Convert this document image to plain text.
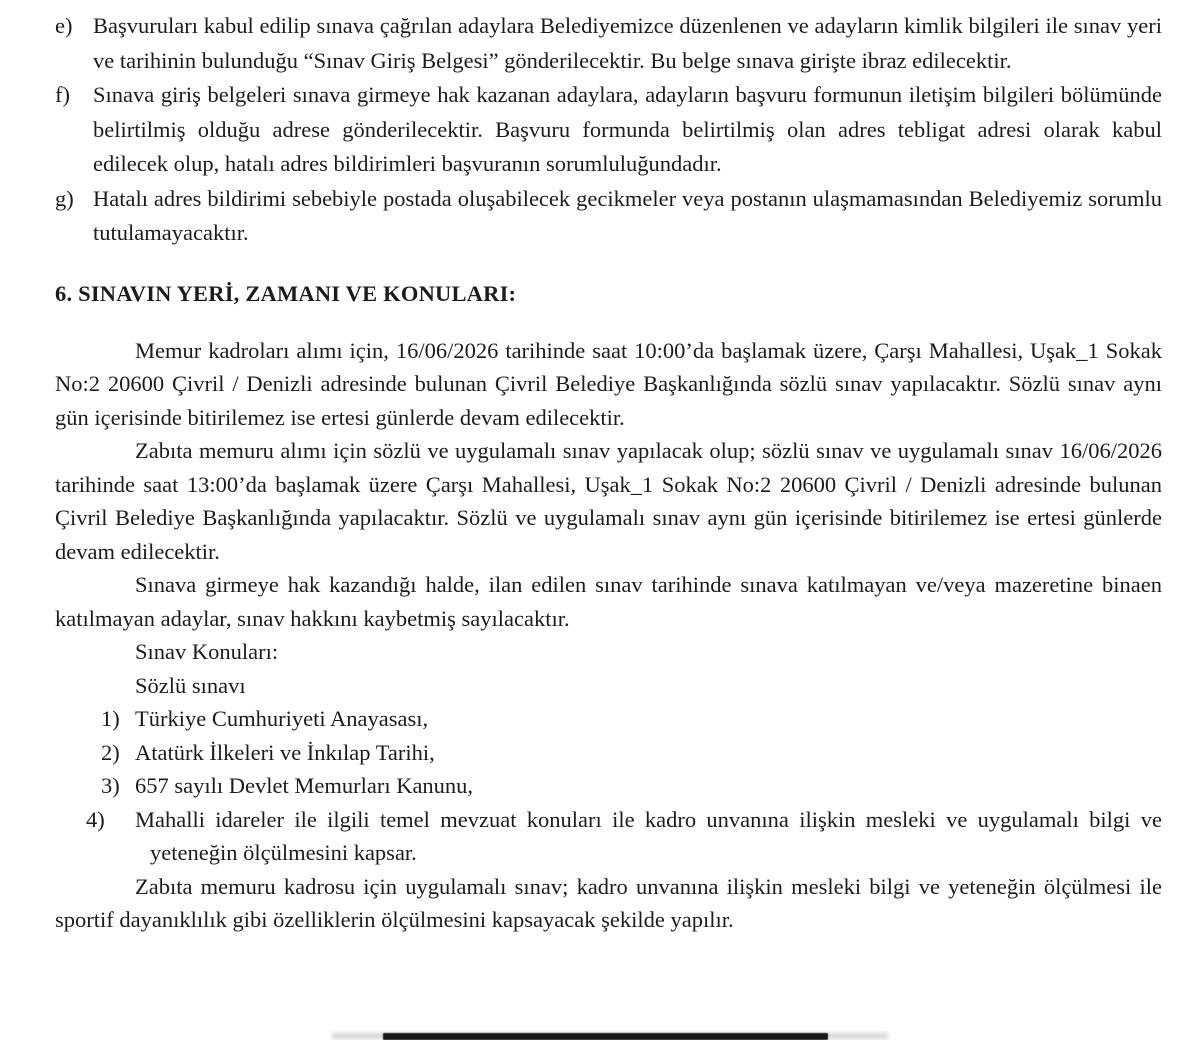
e) Başvuruları kabul edilip sınava çağrılan adaylara Belediyemizce düzenlenen ve adayların kimlik bilgileri ile sınav yeri ve tarihinin bulunduğu “Sınav Giriş Belgesi” gönderilecektir. Bu belge sınava girişte ibraz edilecektir.
f) Sınava giriş belgeleri sınava girmeye hak kazanan adaylara, adayların başvuru formunun iletişim bilgileri bölümünde belirtilmiş olduğu adrese gönderilecektir. Başvuru formunda belirtilmiş olan adres tebligat adresi olarak kabul edilecek olup, hatalı adres bildirimleri başvuranın sorumluluğundadır.
g) Hatalı adres bildirimi sebebiyle postada oluşabilecek gecikmeler veya postanın ulaşmamasından Belediyemiz sorumlu tutulamayacaktır.
6. SINAVIN YERİ, ZAMANI VE KONULARI:

Memur kadroları alımı için, 16/06/2026 tarihinde saat 10:00’da başlamak üzere, Çarşı Mahallesi, Uşak_1 Sokak No:2 20600 Çivril / Denizli adresinde bulunan Çivril Belediye Başkanlığında sözlü sınav yapılacaktır. Sözlü sınav aynı gün içerisinde bitirilemez ise ertesi günlerde devam edilecektir.

Zabıta memuru alımı için sözlü ve uygulamalı sınav yapılacak olup; sözlü sınav ve uygulamalı sınav 16/06/2026 tarihinde saat 13:00’da başlamak üzere Çarşı Mahallesi, Uşak_1 Sokak No:2 20600 Çivril / Denizli adresinde bulunan Çivril Belediye Başkanlığında yapılacaktır. Sözlü ve uygulamalı sınav aynı gün içerisinde bitirilemez ise ertesi günlerde devam edilecektir.

Sınava girmeye hak kazandığı halde, ilan edilen sınav tarihinde sınava katılmayan ve/veya mazeretine binaen katılmayan adaylar, sınav hakkını kaybetmiş sayılacaktır.

Sınav Konuları:

Sözlü sınavı

1) Türkiye Cumhuriyeti Anayasası,
2) Atatürk İlkeleri ve İnkılap Tarihi,
3) 657 sayılı Devlet Memurları Kanunu,
4) Mahalli idareler ile ilgili temel mevzuat konuları ile kadro unvanına ilişkin mesleki ve uygulamalı bilgi ve yeteneğin ölçülmesini kapsar.

Zabıta memuru kadrosu için uygulamalı sınav; kadro unvanına ilişkin mesleki bilgi ve yeteneğin ölçülmesi ile sportif dayanıklılık gibi özelliklerin ölçülmesini kapsayacak şekilde yapılır.
